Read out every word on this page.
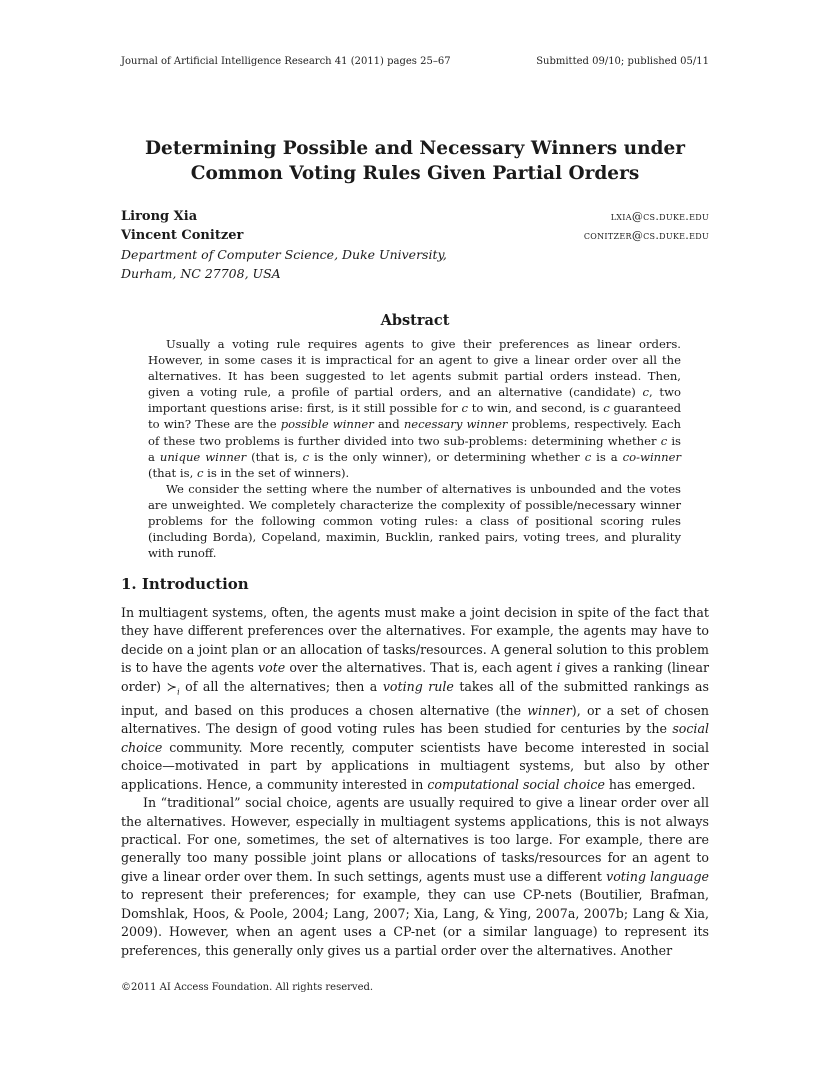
Journal of Artificial Intelligence Research 41 (2011) pages 25–67	Submitted 09/10; published 05/11
Determining Possible and Necessary Winners under
Common Voting Rules Given Partial Orders
Lirong Xia	lxia@cs.duke.edu
Vincent Conitzer	conitzer@cs.duke.edu
Department of Computer Science, Duke University,
Durham, NC 27708, USA
Abstract

Usually a voting rule requires agents to give their preferences as linear orders. However, in some cases it is impractical for an agent to give a linear order over all the alternatives. It has been suggested to let agents submit partial orders instead. Then, given a voting rule, a profile of partial orders, and an alternative (candidate) c, two important questions arise: first, is it still possible for c to win, and second, is c guaranteed to win? These are the possible winner and necessary winner problems, respectively. Each of these two problems is further divided into two sub-problems: determining whether c is a unique winner (that is, c is the only winner), or determining whether c is a co-winner (that is, c is in the set of winners).

We consider the setting where the number of alternatives is unbounded and the votes are unweighted. We completely characterize the complexity of possible/necessary winner problems for the following common voting rules: a class of positional scoring rules (including Borda), Copeland, maximin, Bucklin, ranked pairs, voting trees, and plurality with runoff.

1. Introduction

In multiagent systems, often, the agents must make a joint decision in spite of the fact that they have different preferences over the alternatives. For example, the agents may have to decide on a joint plan or an allocation of tasks/resources. A general solution to this problem is to have the agents vote over the alternatives. That is, each agent i gives a ranking (linear order) $≻_i$ of all the alternatives; then a voting rule takes all of the submitted rankings as input, and based on this produces a chosen alternative (the winner), or a set of chosen alternatives. The design of good voting rules has been studied for centuries by the social choice community. More recently, computer scientists have become interested in social choice—motivated in part by applications in multiagent systems, but also by other applications. Hence, a community interested in computational social choice has emerged.

In “traditional” social choice, agents are usually required to give a linear order over all the alternatives. However, especially in multiagent systems applications, this is not always practical. For one, sometimes, the set of alternatives is too large. For example, there are generally too many possible joint plans or allocations of tasks/resources for an agent to give a linear order over them. In such settings, agents must use a different voting language to represent their preferences; for example, they can use CP-nets (Boutilier, Brafman, Domshlak, Hoos, & Poole, 2004; Lang, 2007; Xia, Lang, & Ying, 2007a, 2007b; Lang & Xia, 2009). However, when an agent uses a CP-net (or a similar language) to represent its preferences, this generally only gives us a partial order over the alternatives. Another

©2011 AI Access Foundation. All rights reserved.
